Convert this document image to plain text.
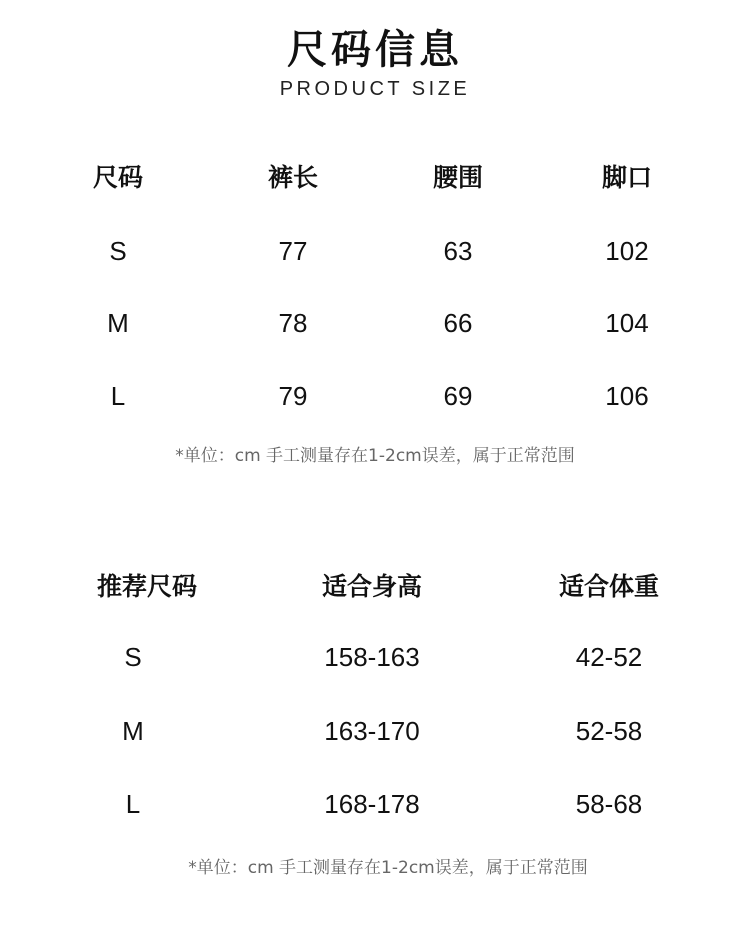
尺码信息
PRODUCT SIZE
尺码	裤长	腰围	脚口
S	77	63	102
M	78	66	104
L	79	69	106
*单位：cm 手工测量存在1-2cm误差，属于正常范围
推荐尺码	适合身高	适合体重
S	158-163	42-52
M	163-170	52-58
L	168-178	58-68
*单位：cm 手工测量存在1-2cm误差，属于正常范围
